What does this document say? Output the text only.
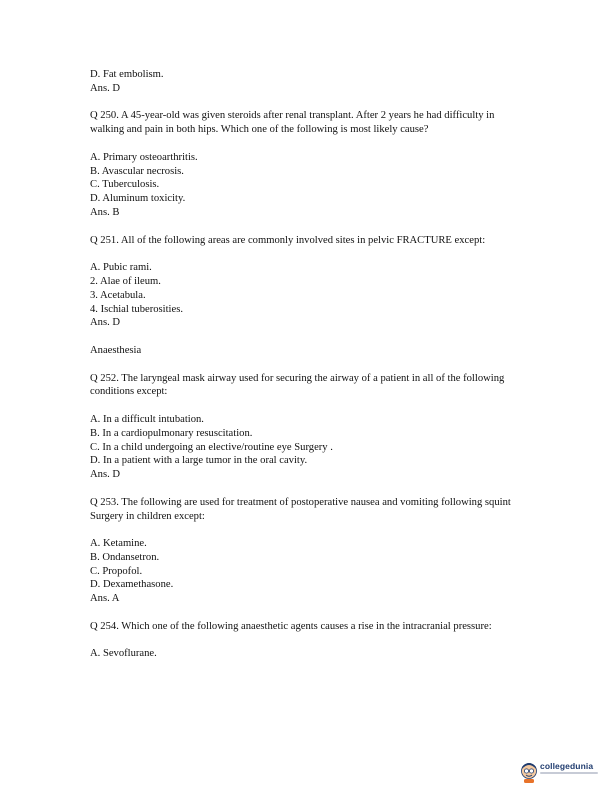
D. Fat embolism.
Ans. D
Q 250. A 45-year-old was given steroids after renal transplant. After 2 years he had difficulty in walking and pain in both hips. Which one of the following is most likely cause?
A. Primary osteoarthritis.
B. Avascular necrosis.
C. Tuberculosis.
D. Aluminum toxicity.
Ans. B
Q 251. All of the following areas are commonly involved sites in pelvic FRACTURE except:
A. Pubic rami.
2. Alae of ileum.
3. Acetabula.
4. Ischial tuberosities.
Ans. D
Anaesthesia
Q 252. The laryngeal mask airway used for securing the airway of a patient in all of the following conditions except:
A. In a difficult intubation.
B. In a cardiopulmonary resuscitation.
C. In a child undergoing an elective/routine eye Surgery .
D. In a patient with a large tumor in the oral cavity.
Ans. D
Q 253. The following are used for treatment of postoperative nausea and vomiting following squint Surgery in children except:
A. Ketamine.
B. Ondansetron.
C. Propofol.
D. Dexamethasone.
Ans. A
Q 254. Which one of the following anaesthetic agents causes a rise in the intracranial pressure:
A. Sevoflurane.
collegedunia
